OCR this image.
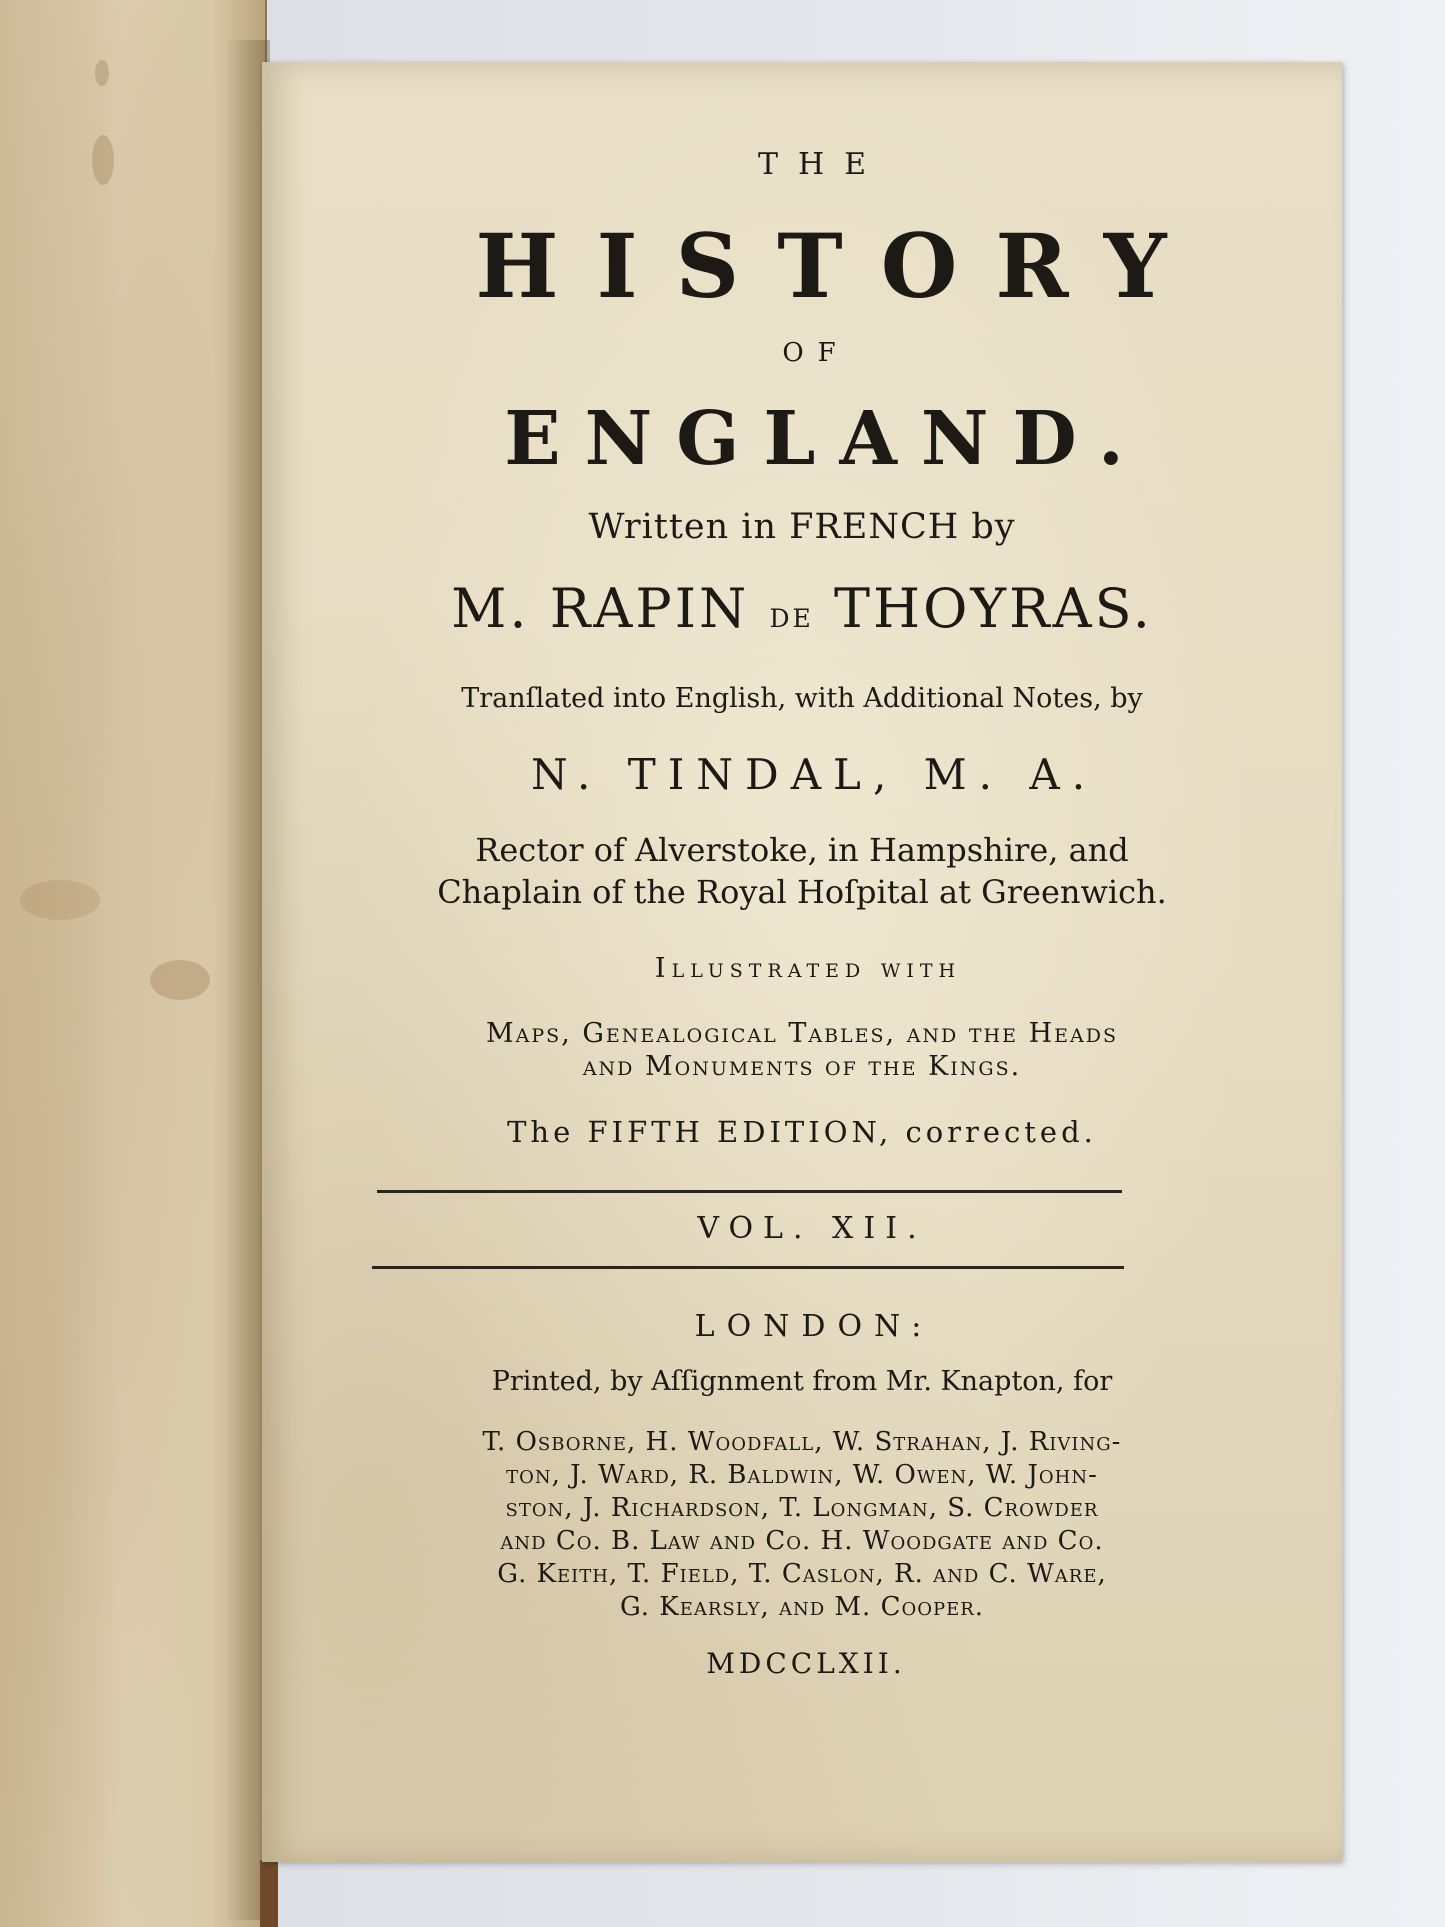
THE
HISTORY
OF
ENGLAND.
Written in FRENCH by
M. RAPIN de THOYRAS.
Tranſlated into English, with Additional Notes, by
N. TINDAL, M. A.
Rector of Alverstoke, in Hampshire, and
Chaplain of the Royal Hoſpital at Greenwich.
Illustrated with
Maps, Genealogical Tables, and the Heads
and Monuments of the Kings.
The FIFTH EDITION, corrected.
VOL. XII.
LONDON:
Printed, by Aſſignment from Mr. Knapton, for
T. Osborne, H. Woodfall, W. Strahan, J. Riving-
ton, J. Ward, R. Baldwin, W. Owen, W. John-
ston, J. Richardson, T. Longman, S. Crowder
and Co. B. Law and Co. H. Woodgate and Co.
G. Keith, T. Field, T. Caslon, R. and C. Ware,
G. Kearsly, and M. Cooper.
MDCCLXII.
